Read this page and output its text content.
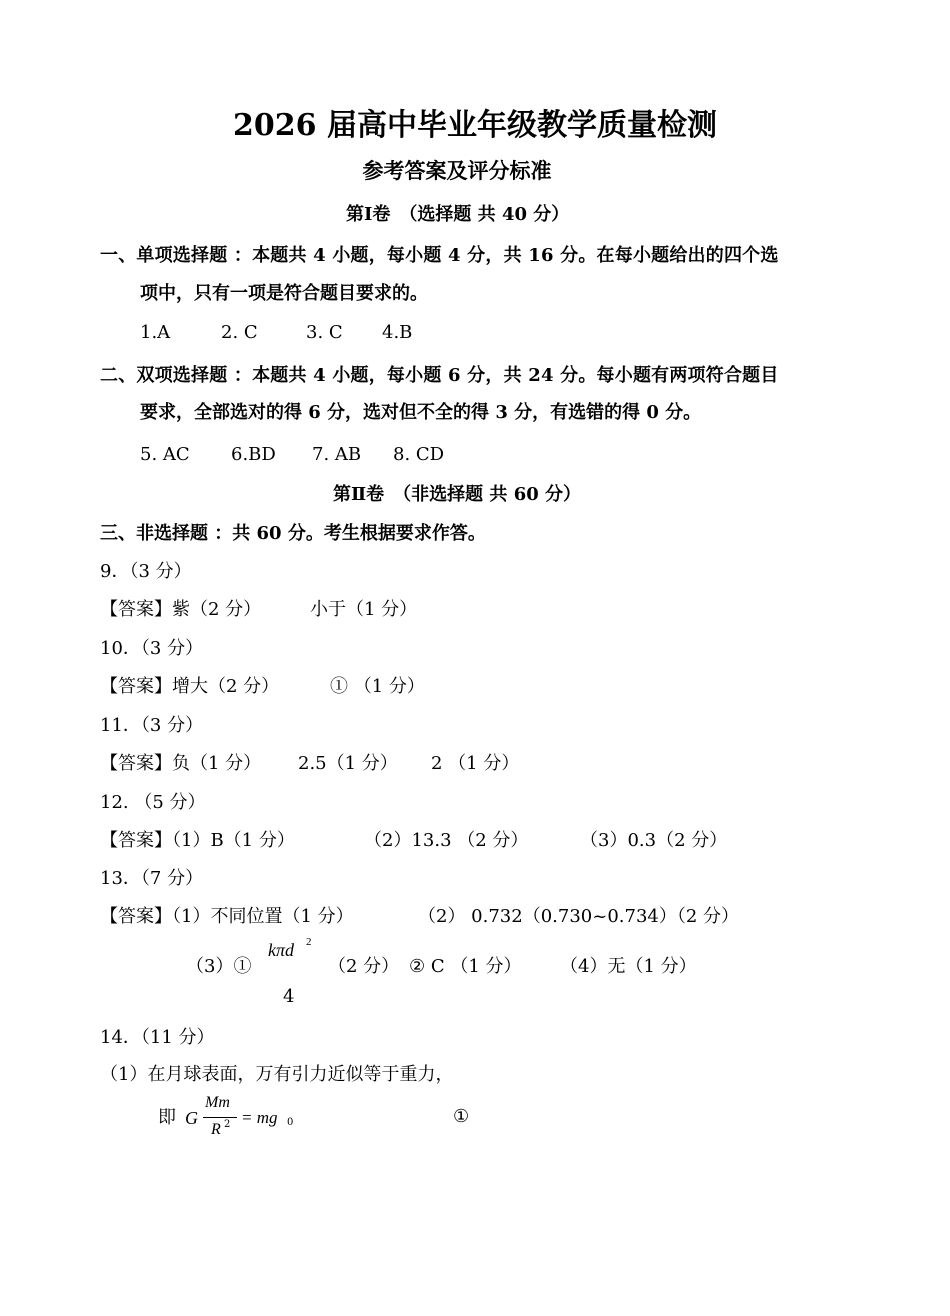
2026 届高中毕业年级教学质量检测
参考答案及评分标准
第Ⅰ卷　（选择题 共 40 分）
一、单项选择题 ：本题共 4 小题，每小题 4 分，共 16 分。在每小题给出的四个选
项中，只有一项是符合题目要求的。
1.A	2. C	3. C 4.B
二、双项选择题 ：本题共 4 小题，每小题 6 分，共 24 分。每小题有两项符合题目
要求，全部选对的得 6 分，选对但不全的得 3 分，有选错的得 0 分。
5. AC 6.BD 7. AB 8. CD
第Ⅱ卷　（非选择题 共 60 分）
三、非选择题 ：共 60 分。考生根据要求作答。
9．（3 分）
【答案】紫（2 分）	小于（1 分）
10．（3 分）
【答案】增大（2 分）	① （1 分）
11．（3 分）
【答案】负（1 分） 2.5（1 分） 2 （1 分）
12. （5 分）
【答案】（1）B（1 分）	（2）13.3 （2 分）	（3）0.3（2 分）
13．（7 分）
【答案】（1）不同位置（1 分）	（2） 0.732（0.730~0.734）（2 分）
（3）①
kπd 2
4
（2 分） ② C （1 分） （4）无（1 分）
14．（11 分）
（1）在月球表面，万有引力近似等于重力，
即 G
Mm
R 2 = mg 0	①
